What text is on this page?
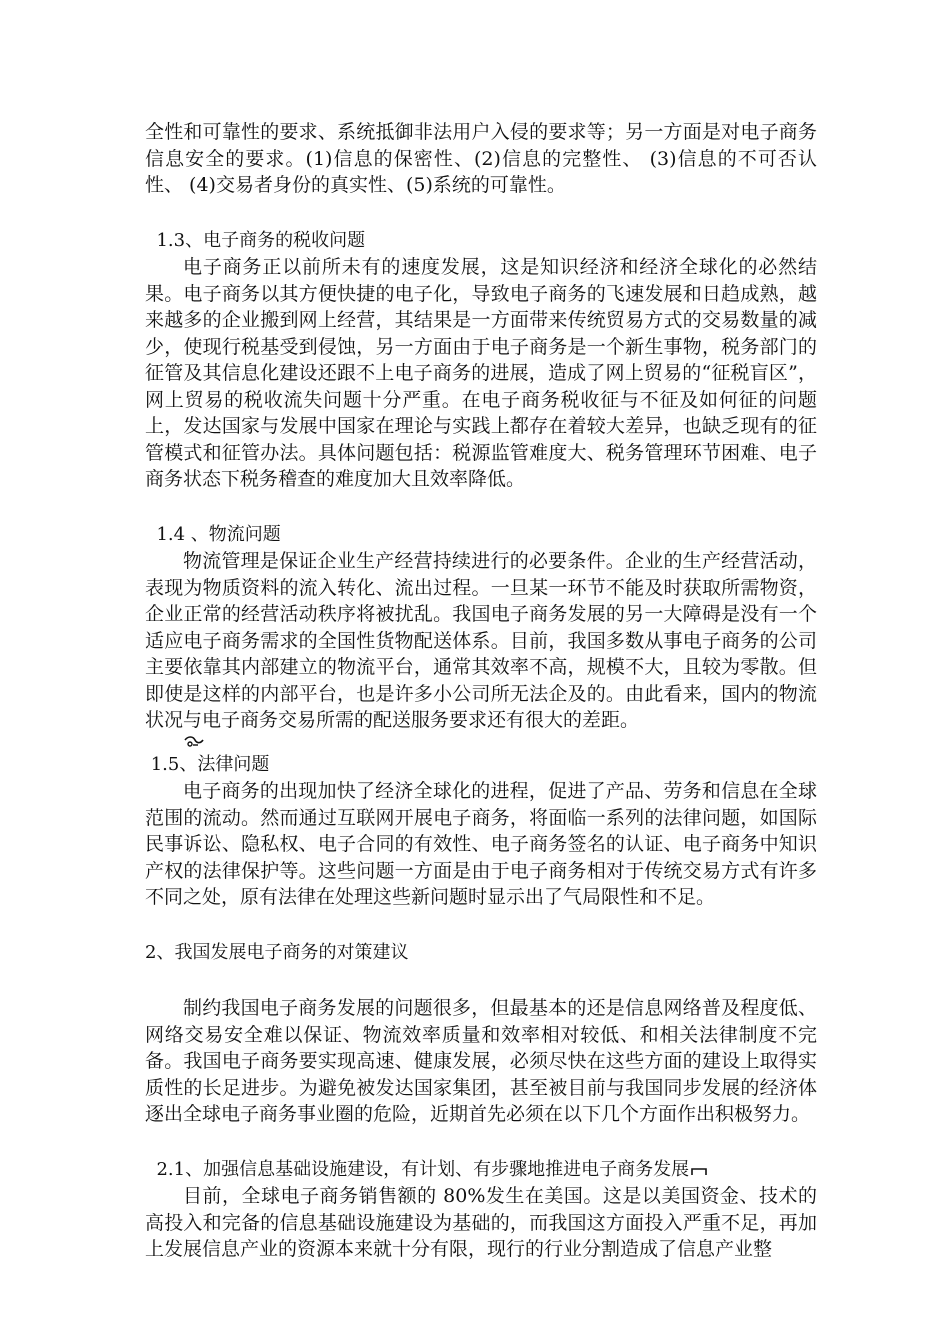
全性和可靠性的要求、系统抵御非法用户入侵的要求等；另一方面是对电子商务信息安全的要求。(1)信息的保密性、(2)信息的完整性、 (3)信息的不可否认性、 (4)交易者身份的真实性、(5)系统的可靠性。

1.3、电子商务的税收问题

电子商务正以前所未有的速度发展，这是知识经济和经济全球化的必然结果。电子商务以其方便快捷的电子化，导致电子商务的飞速发展和日趋成熟，越来越多的企业搬到网上经营，其结果是一方面带来传统贸易方式的交易数量的减少，使现行税基受到侵蚀，另一方面由于电子商务是一个新生事物，税务部门的征管及其信息化建设还跟不上电子商务的进展，造成了网上贸易的“征税盲区”，网上贸易的税收流失问题十分严重。在电子商务税收征与不征及如何征的问题上，发达国家与发展中国家在理论与实践上都存在着较大差异，也缺乏现有的征管模式和征管办法。具体问题包括：税源监管难度大、税务管理环节困难、电子商务状态下税务稽查的难度加大且效率降低。

1.4 、物流问题

物流管理是保证企业生产经营持续进行的必要条件。企业的生产经营活动，表现为物质资料的流入转化、流出过程。一旦某一环节不能及时获取所需物资，企业正常的经营活动秩序将被扰乱。我国电子商务发展的另一大障碍是没有一个适应电子商务需求的全国性货物配送体系。目前，我国多数从事电子商务的公司主要依靠其内部建立的物流平台，通常其效率不高，规模不大，且较为零散。但即使是这样的内部平台，也是许多小公司所无法企及的。由此看来，国内的物流状况与电子商务交易所需的配送服务要求还有很大的差距。

1.5、法律问题

电子商务的出现加快了经济全球化的进程，促进了产品、劳务和信息在全球范围的流动。然而通过互联网开展电子商务，将面临一系列的法律问题，如国际民事诉讼、隐私权、电子合同的有效性、电子商务签名的认证、电子商务中知识产权的法律保护等。这些问题一方面是由于电子商务相对于传统交易方式有许多不同之处，原有法律在处理这些新问题时显示出了气局限性和不足。

2、我国发展电子商务的对策建议

制约我国电子商务发展的问题很多，但最基本的还是信息网络普及程度低、网络交易安全难以保证、物流效率质量和效率相对较低、和相关法律制度不完备。我国电子商务要实现高速、健康发展，必须尽快在这些方面的建设上取得实质性的长足进步。为避免被发达国家集团，甚至被目前与我国同步发展的经济体逐出全球电子商务事业圈的危险，近期首先必须在以下几个方面作出积极努力。

2.1、加强信息基础设施建设，有计划、有步骤地推进电子商务发展

目前，全球电子商务销售额的 80%发生在美国。这是以美国资金、技术的高投入和完备的信息基础设施建设为基础的，而我国这方面投入严重不足，再加上发展信息产业的资源本来就十分有限，现行的行业分割造成了信息产业整
